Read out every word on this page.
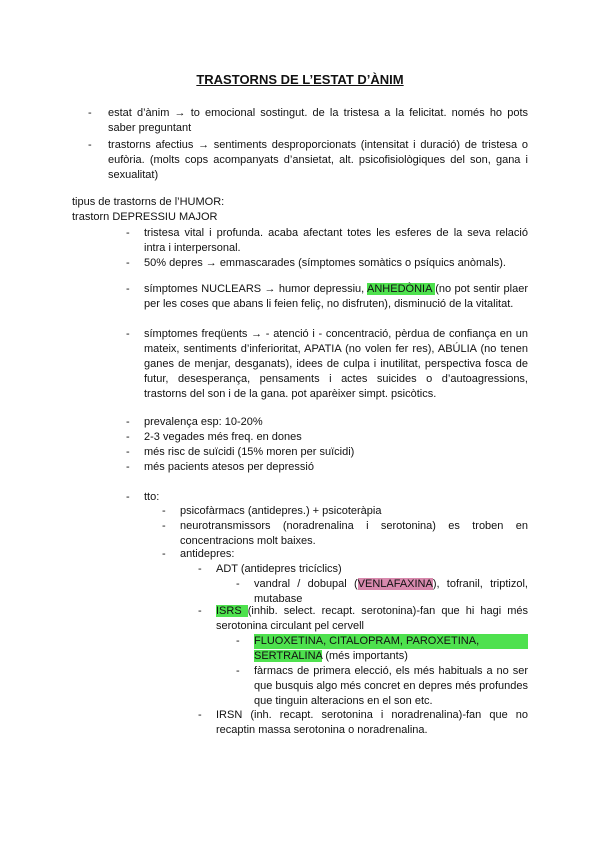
TRASTORNS DE L’ESTAT D’ÀNIM
- estat d’ànim → to emocional sostingut. de la tristesa a la felicitat. només ho pots saber preguntant
- trastorns afectius → sentiments desproporcionats (intensitat i duració) de tristesa o eufòria. (molts cops acompanyats d’ansietat, alt. psicofisiològiques del son, gana i sexualitat)
tipus de trastorns de l’HUMOR:
trastorn DEPRESSIU MAJOR
- tristesa vital i profunda. acaba afectant totes les esferes de la seva relació intra i interpersonal.
- 50% depres → emmascarades (símptomes somàtics o psíquics anòmals).
- símptomes NUCLEARS → humor depressiu, ANHEDÒNIA (no pot sentir plaer per les coses que abans li feien feliç, no disfruten), disminució de la vitalitat.
- símptomes freqüents → - atenció i - concentració, pèrdua de confiança en un mateix, sentiments d’inferioritat, APATIA (no volen fer res), ABÚLIA (no tenen ganes de menjar, desganats), idees de culpa i inutilitat, perspectiva fosca de futur, desesperança, pensaments i actes suicides o d’autoagressions, trastorns del son i de la gana. pot aparèixer simpt. psicòtics.
- prevalença esp: 10-20%
- 2-3 vegades més freq. en dones
- més risc de suïcidi (15% moren per suïcidi)
- més pacients atesos per depressió
- tto:
- psicofàrmacs (antidepres.) + psicoteràpia
- neurotransmissors (noradrenalina i serotonina) es troben en concentracions molt baixes.
- antidepres:
- ADT (antidepres tricíclics)
- vandral / dobupal (VENLAFAXINA), tofranil, triptizol, mutabase
- ISRS (inhib. select. recapt. serotonina)-fan que hi hagi més serotonina circulant pel cervell
- FLUOXETINA, CITALOPRAM, PAROXETINA,
SERTRALINA (més importants)
- fàrmacs de primera elecció, els més habituals a no ser que busquis algo més concret en depres més profundes que tinguin alteracions en el son etc.
- IRSN (inh. recapt. serotonina i noradrenalina)-fan que no recaptin massa serotonina o noradrenalina.
